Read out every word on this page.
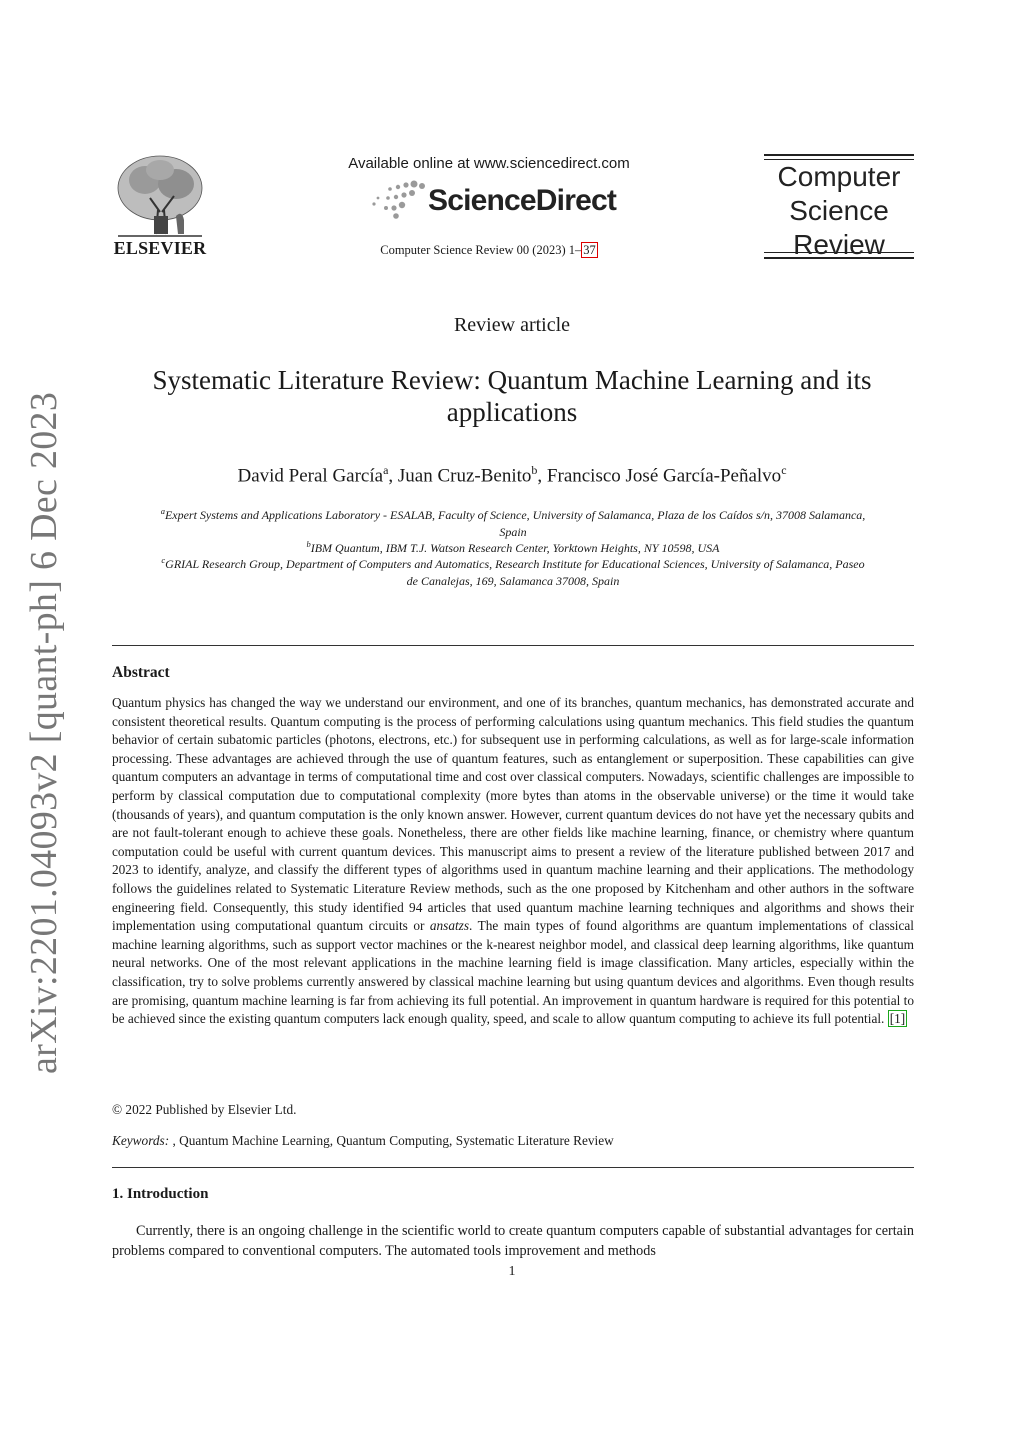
arXiv:2201.04093v2 [quant-ph] 6 Dec 2023
ELSEVIER
Available online at www.sciencedirect.com
ScienceDirect
Computer Science Review 00 (2023) 1– 37
Computer
Science
Review
Review article
Systematic Literature Review: Quantum Machine Learning and its
applications
David Peral García$^a$, Juan Cruz-Benito$^b$, Francisco José García-Peñalvo$^c$
$^a$Expert Systems and Applications Laboratory - ESALAB, Faculty of Science, University of Salamanca, Plaza de los Caídos s/n, 37008 Salamanca,
Spain
$^b$IBM Quantum, IBM T.J. Watson Research Center, Yorktown Heights, NY 10598, USA
$^c$GRIAL Research Group, Department of Computers and Automatics, Research Institute for Educational Sciences, University of Salamanca, Paseo
de Canalejas, 169, Salamanca 37008, Spain
Abstract
Quantum physics has changed the way we understand our environment, and one of its branches, quantum mechanics, has demonstrated accurate and consistent theoretical results. Quantum computing is the process of performing calculations using quantum mechanics. This field studies the quantum behavior of certain subatomic particles (photons, electrons, etc.) for subsequent use in performing calculations, as well as for large-scale information processing. These advantages are achieved through the use of quantum features, such as entanglement or superposition. These capabilities can give quantum computers an advantage in terms of computational time and cost over classical computers. Nowadays, scientific challenges are impossible to perform by classical computation due to computational complexity (more bytes than atoms in the observable universe) or the time it would take (thousands of years), and quantum computation is the only known answer. However, current quantum devices do not have yet the necessary qubits and are not fault-tolerant enough to achieve these goals. Nonetheless, there are other fields like machine learning, finance, or chemistry where quantum computation could be useful with current quantum devices. This manuscript aims to present a review of the literature published between 2017 and 2023 to identify, analyze, and classify the different types of algorithms used in quantum machine learning and their applications. The methodology follows the guidelines related to Systematic Literature Review methods, such as the one proposed by Kitchenham and other authors in the software engineering field. Consequently, this study identified 94 articles that used quantum machine learning techniques and algorithms and shows their implementation using computational quantum circuits or ansatzs. The main types of found algorithms are quantum implementations of classical machine learning algorithms, such as support vector machines or the k-nearest neighbor model, and classical deep learning algorithms, like quantum neural networks. One of the most relevant applications in the machine learning field is image classification. Many articles, especially within the classification, try to solve problems currently answered by classical machine learning but using quantum devices and algorithms. Even though results are promising, quantum machine learning is far from achieving its full potential. An improvement in quantum hardware is required for this potential to be achieved since the existing quantum computers lack enough quality, speed, and scale to allow quantum computing to achieve its full potential. [1]
© 2022 Published by Elsevier Ltd.
Keywords: , Quantum Machine Learning, Quantum Computing, Systematic Literature Review
1. Introduction
Currently, there is an ongoing challenge in the scientific world to create quantum computers capable of substantial advantages for certain problems compared to conventional computers. The automated tools improvement and methods
1
